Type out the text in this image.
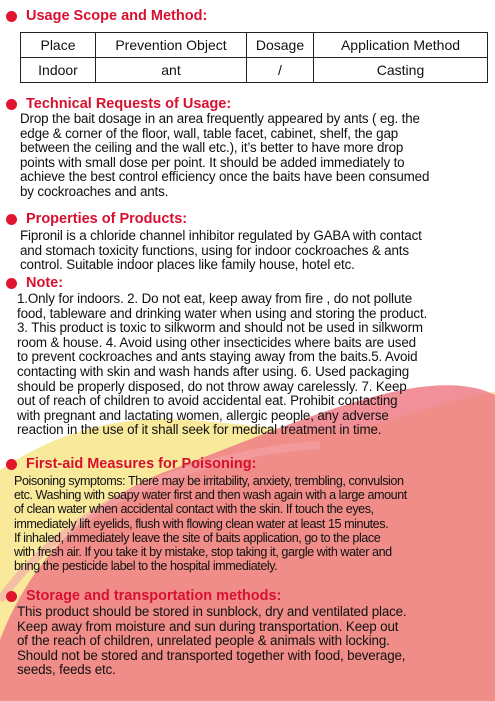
Usage Scope and Method:
Place	Prevention Object	Dosage	Application Method
Indoor	ant	/	Casting
Technical Requests of Usage:
Drop the bait dosage in an area frequently appeared by ants ( eg. the
edge & corner of the floor, wall, table facet, cabinet, shelf, the gap
between the ceiling and the wall etc.), it’s better to have more drop
points with small dose per point. It should be added immediately to
achieve the best control efficiency once the baits have been consumed
by cockroaches and ants.
Properties of Products:
Fipronil is a chloride channel inhibitor regulated by GABA with contact
and stomach toxicity functions, using for indoor cockroaches & ants
control. Suitable indoor places like family house, hotel etc.
Note:
1.Only for indoors. 2. Do not eat, keep away from fire , do not pollute
food, tableware and drinking water when using and storing the product.
3. This product is toxic to silkworm and should not be used in silkworm
room & house. 4. Avoid using other insecticides where baits are used
to prevent cockroaches and ants staying away from the baits.5. Avoid
contacting with skin and wash hands after using. 6. Used packaging
should be properly disposed, do not throw away carelessly. 7. Keep
out of reach of children to avoid accidental eat. Prohibit contacting
with pregnant and lactating women, allergic people, any adverse
reaction in the use of it shall seek for medical treatment in time.
First-aid Measures for Poisoning:
Poisoning symptoms: There may be irritability, anxiety, trembling, convulsion
etc. Washing with soapy water first and then wash again with a large amount
of clean water when accidental contact with the skin. If touch the eyes,
immediately lift eyelids, flush with flowing clean water at least 15 minutes.
If inhaled, immediately leave the site of baits application, go to the place
with fresh air. If you take it by mistake, stop taking it, gargle with water and
bring the pesticide label to the hospital immediately.
Storage and transportation methods:
This product should be stored in sunblock, dry and ventilated place.
Keep away from moisture and sun during transportation. Keep out
of the reach of children, unrelated people & animals with locking.
Should not be stored and transported together with food, beverage,
seeds, feeds etc.
